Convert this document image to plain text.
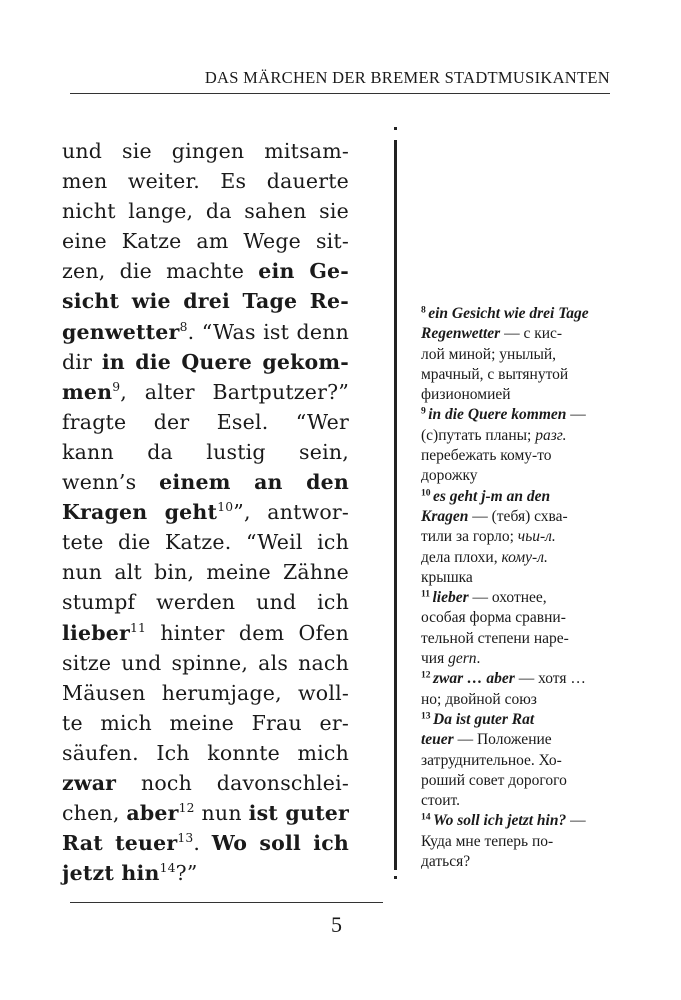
DAS MÄRCHEN DER BREMER STADTMUSIKANTEN
und sie gingen mitsam-
men weiter. Es dauerte
nicht lange, da sahen sie
eine Katze am Wege sit-
zen, die machte ein Ge-
sicht wie drei Tage Re-
genwetter$^8$. “Was ist denn
dir in die Quere gekom-
men$^9$, alter Bartputzer?”
fragte der Esel. “Wer
kann da lustig sein,
wenn’s einem an den
Kragen geht$^{10}$”, antwor-
tete die Katze. “Weil ich
nun alt bin, meine Zähne
stumpf werden und ich
lieber$^{11}$ hinter dem Ofen
sitze und spinne, als nach
Mäusen herumjage, woll-
te mich meine Frau er-
säufen. Ich konnte mich
zwar noch davonschlei-
chen, aber$^{12}$ nun ist guter
Rat teuer$^{13}$. Wo soll ich
jetzt hin$^{14}$?”
$^8$ ein Gesicht wie drei Tage
Regenwetter — с кис-
лой миной; унылый,
мрачный, с вытянутой
физиономией
$^9$ in die Quere kommen —
(с)путать планы; разг.
перебежать кому-то
дорожку
$^{10}$ es geht j-m an den
Kragen — (тебя) схва-
тили за горло; чьи-л.
дела плохи, кому-л.
крышка
$^{11}$ lieber — охотнее,
особая форма сравни-
тельной степени наре-
чия gern.
$^{12}$ zwar … aber — хотя …
но; двойной союз
$^{13}$ Da ist guter Rat
teuer — Положение
затруднительное. Хо-
роший совет дорогого
стоит.
$^{14}$ Wo soll ich jetzt hin? —
Куда мне теперь по-
даться?
5
